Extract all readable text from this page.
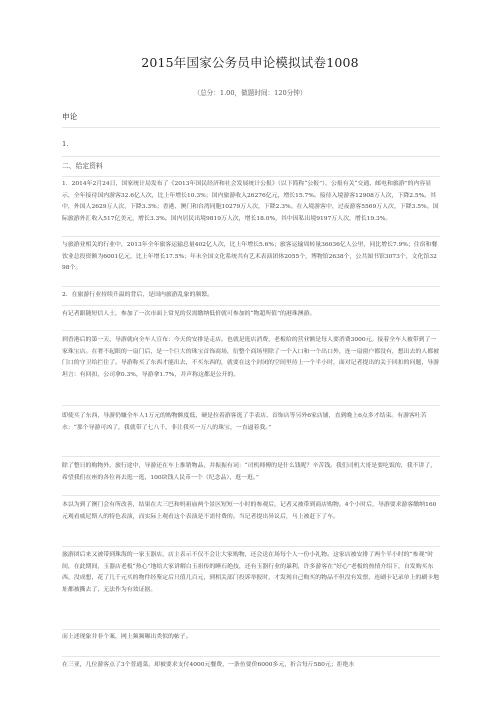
2015年国家公务员申论模拟试卷1008
（总分：1.00，做题时间：120分钟）
申论
1.
二、给定资料

1．2014年2月24日，国家统计局发布了《2013年国民经济和社会发展统计公报》（以下简称“公报”），公报有关“交通、邮电和旅游”的内容显示，全年接待国内游客32.6亿人次，比上年增长10.3%；国内旅游收入26276亿元，增长15.7%。接待入境游客12908万人次，下降2.5%。其中，外国人2629万人次，下降3.3%；香港、澳门和台湾同胞10279万人次，下降2.3%。在入境游客中，过夜游客5569万人次，下降3.5%。国际旅游外汇收入517亿美元，增长3.3%。国内居民出境9819万人次，增长18.0%，其中因私出境9197万人次，增长19.3%。

与旅游业相关的行业中，2013年全年旅客运输总量402亿人次，比上年增长5.6%；旅客运输周转量36036亿人公里，同比增长7.9%；住宿和餐饮业总投资额为6001亿元，比上年增长17.5%；年末全国文化系统共有艺术表演团体2055个，博物馆2638个，公共图书馆3073个，文化馆3298个。

2．在旅游行业持续升温的背后，是国内旅游乱象的频繁。

有记者跟随短信人士，参加了一次市面上常见的仅需缴纳低价就可参加的“物超所值”的港珠澳游。

到香港后的第一天，导游就向全车人宣布：今天的安排是走店。也就是逛店消费，老板给的营业额是每人要消费3000元。接着全车人被带到了一家珠宝店。在奢不起眼的一扇门后，是一个巨大的珠宝首饰商场，衍整个商场里除了一个入口和一个出口外，连一扇窗户都没有，想出去的人都被门口的守卫给拦住了。导游称买了东西才能出去，不买东西的，就要在这个封闭的空间里待上一个半小时，面对记者提出的关于回扣的问题，导游坦言：有回扣，公司拿0.3%，导游拿1.7%，并声称这都是公开的。

即使买了东西，导游仍嫌全车人1万元的购物额度低，硬是拉着游客逛了手表店、首饰店等另外6家店铺，直到晚上6点多才结束。有游客吐苦水：“那个导游可凶了，我就带了七八千，非让我买一万八的珠宝，一直逼着我。”

除了整日的购物外，旅行途中，导游还在车上推销物品，并振振有词：“司机师傅的是什么钱呢？辛苦钱。我们司机大哥是要吃饭的，我不讲了，希望我们在座的各位再去逛一逛，100块钱人民币一个（纪念品），逛一逛。”

本以为到了澳门会有所改善，结果在大三巴和妈祖庙两个景区短短一小时的参观后，记者又被带到商店购物。4个小时后，导游要求游客缴纳160元观看威尼斯人的特色表演，而实际上观看这个表演是不需付费的。当记者提出异议后，马上被赶下了车。

旅游团后来又被带到珠海的一家玉器店，店主表示不仅不会让大家购物，还会送在场每个人一份小礼物。这家店被安排了两个半小时的“参观”时间，在此期间，玉器店老板“热心”地给大家讲解白玉祖传的睡石绝技，还有玉器行业的暴利，许多游客在“好心”老板的热情介绍下，自发购买东西。没成想，花了几千元买的物件经鉴定后只值几百元，到相关部门投诉举报时，才发现自己购买的物品不但没有发票，连刷卡记录单上的刷卡地址都被撕去了，无法作为有效证据。

而上述现象并非个案，网上频频曝出类似的帖子。

在三亚，几位游客点了3个普通菜，却被要求支付4000元餐费，一条鱼要价6000多元，折合每斤580元；拒绝水
